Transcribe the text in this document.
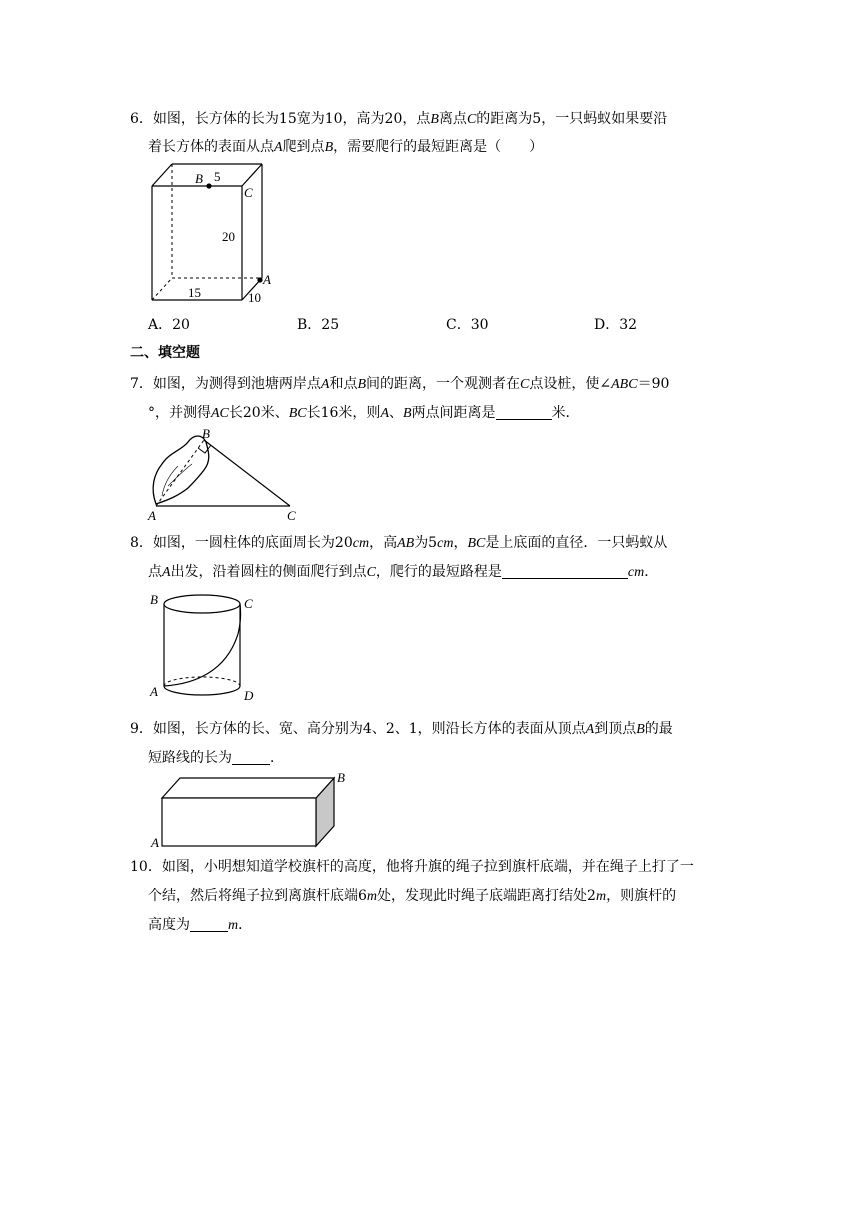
6．如图，长方体的长为15宽为10，高为20，点B离点C的距离为5，一只蚂蚁如果要沿
着长方体的表面从点A爬到点B，需要爬行的最短距离是（　　）
B 5
C
20
A
15	10
A．20	B．25	C．30	D．32
二、填空题
7．如图，为测得到池塘两岸点A和点B间的距离，一个观测者在C点设桩，使∠ABC＝90
°，并测得AC长20米、BC长16米，则A、B两点间距离是	米．
A
B
C
8．如图，一圆柱体的底面周长为20cm，高AB为5cm，BC是上底面的直径．一只蚂蚁从
点A出发，沿着圆柱的侧面爬行到点C，爬行的最短路程是	cm．
B	C
A	D
9．如图，长方体的长、宽、高分别为4、2、1，则沿长方体的表面从顶点A到顶点B的最
短路线的长为	．
A
B
10．如图，小明想知道学校旗杆的高度，他将升旗的绳子拉到旗杆底端，并在绳子上打了一
个结，然后将绳子拉到离旗杆底端6m处，发现此时绳子底端距离打结处2m，则旗杆的
高度为	m．
